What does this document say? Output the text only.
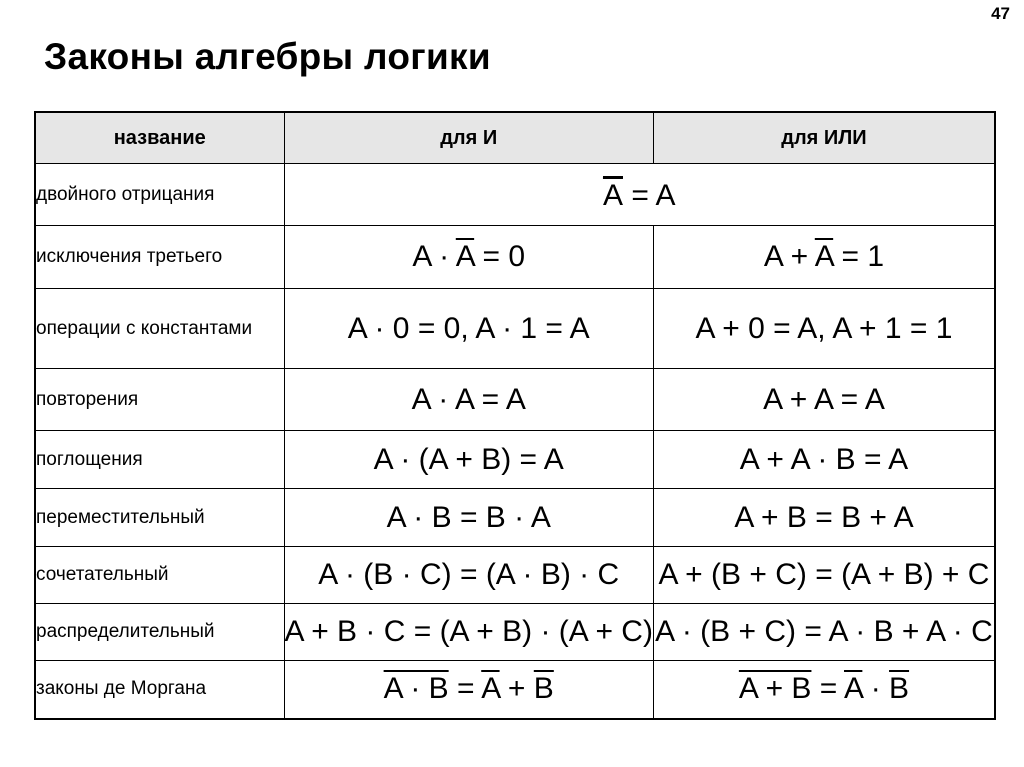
47
Законы алгебры логики
название	для И	для ИЛИ
двойного отрицания	$\overline{A} = A$	
исключения третьего	$A \cdot \overline{A} = 0$	$A + \overline{A} = 1$
операции с константами	A · 0 = 0, A · 1 = A	A + 0 = A, A + 1 = 1
повторения	A · A = A	A + A = A
поглощения	A · (A + B) = A	A + A · B = A
переместительный	A · B = B · A	A + B = B + A
сочетательный	A · (B · C) = (A · B) · C	A + (B + C) = (A + B) + C
распределительный	A + B · C = (A + B) · (A + C)	A · (B + C) = A · B + A · C
законы де Моргана	$A \cdot B = \overline{A} + \overline{B}$	$A + B = \overline{A} \cdot \overline{B}$
